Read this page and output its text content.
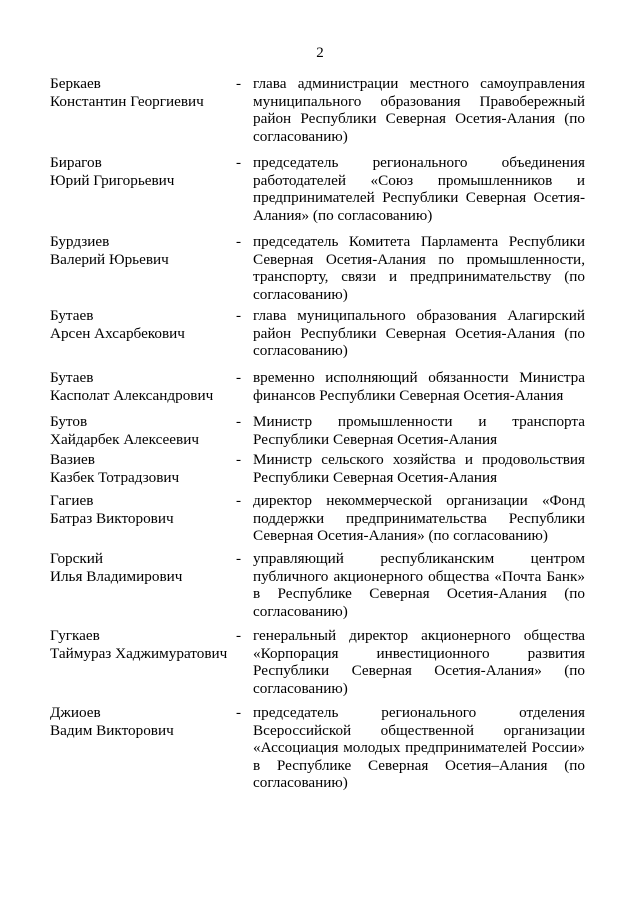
2
Беркаев
Константин Георгиевич
- глава администрации местного самоуправления муниципального образования Правобережный район Республики Северная Осетия-Алания (по согласованию)
Бирагов
Юрий Григорьевич
- председатель регионального объединения работодателей «Союз промышленников и предпринимателей Республики Северная Осетия-Алания» (по согласованию)
Бурдзиев
Валерий Юрьевич
- председатель Комитета Парламента Республики Северная Осетия-Алания по промышленности, транспорту, связи и предпринимательству (по согласованию)
Бутаев
Арсен Ахсарбекович
- глава муниципального образования Алагирский район Республики Северная Осетия-Алания (по согласованию)
Бутаев
Касполат Александрович
- временно исполняющий обязанности Министра финансов Республики Северная Осетия-Алания
Бутов
Хайдарбек Алексеевич
- Министр промышленности и транспорта Республики Северная Осетия-Алания
Вазиев
Казбек Тотрадзович
- Министр сельского хозяйства и продовольствия Республики Северная Осетия-Алания
Гагиев
Батраз Викторович
- директор некоммерческой организации «Фонд поддержки предпринимательства Республики Северная Осетия-Алания» (по согласованию)
Горский
Илья Владимирович
- управляющий республиканским центром публичного акционерного общества «Почта Банк» в Республике Северная Осетия-Алания (по согласованию)
Гугкаев
Таймураз Хаджимуратович
- генеральный директор акционерного общества «Корпорация инвестиционного развития Республики Северная Осетия-Алания» (по согласованию)
Джиоев
Вадим Викторович
- председатель регионального отделения Всероссийской общественной организации «Ассоциация молодых предпринимателей России» в Республике Северная Осетия–Алания (по согласованию)
